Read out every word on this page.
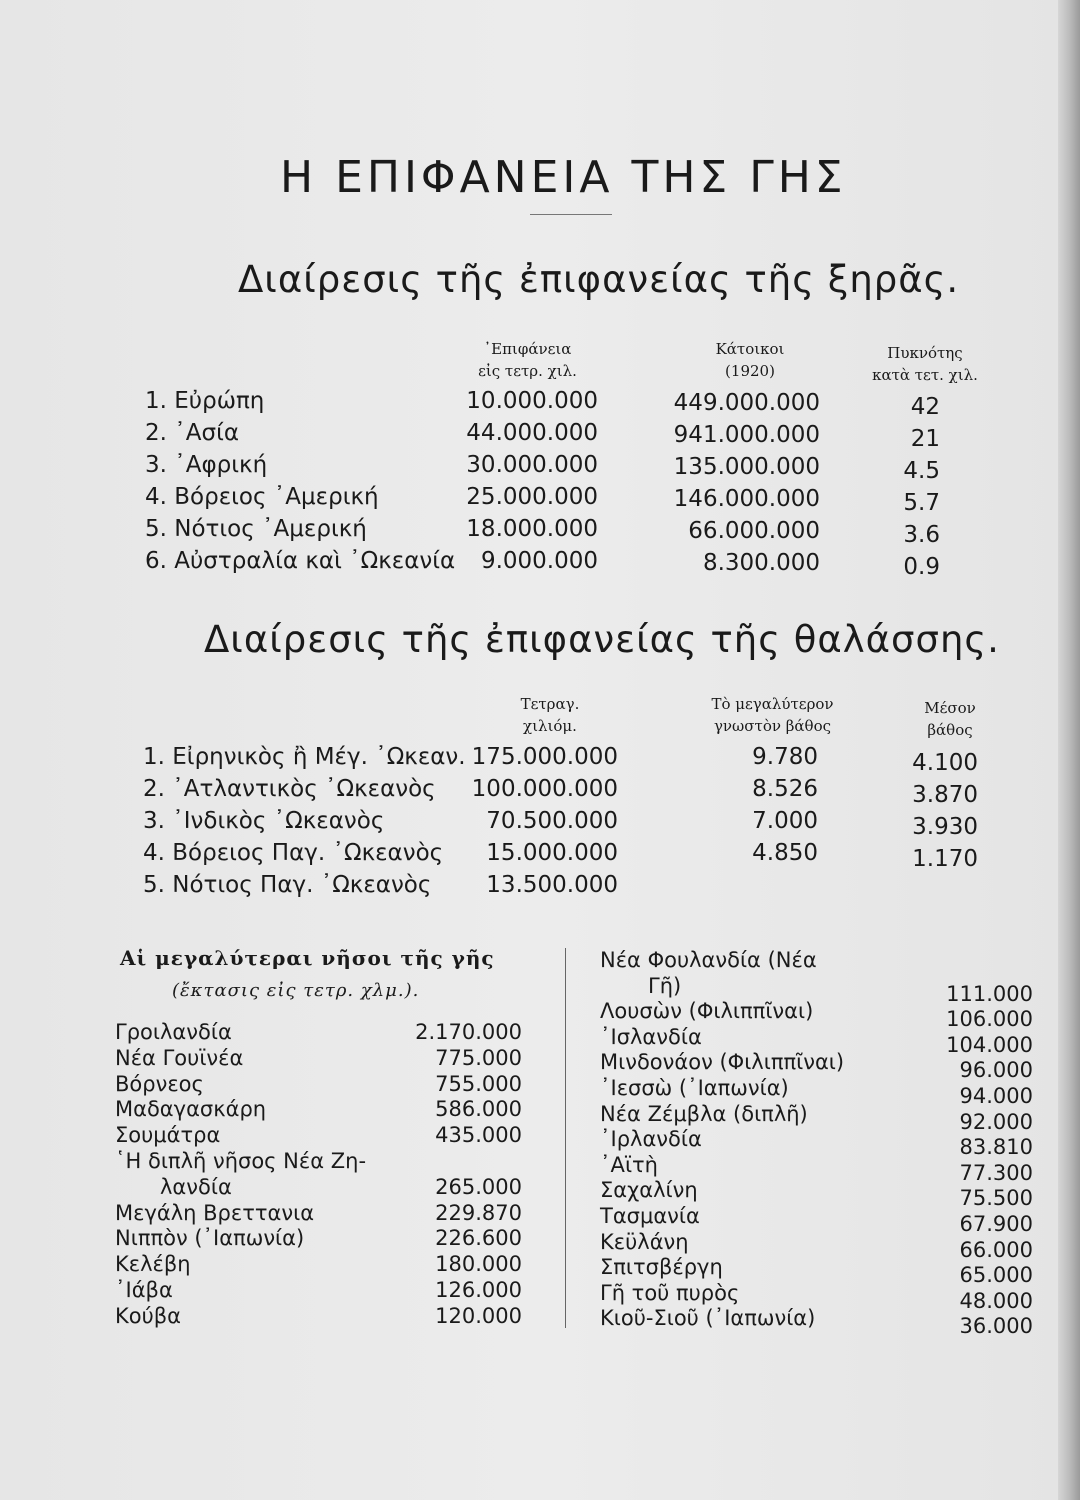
Η ΕΠΙΦΑΝΕΙΑ ΤΗΣ ΓΗΣ
Διαίρεσις τῆς ἐπιφανείας τῆς ξηρᾶς.
᾿Επιφάνεια
εἰς τετρ. χιλ.
Κάτοικοι
(1920)
Πυκνότης
κατὰ τετ. χιλ.
1. Εὐρώπη	10.000.000	449.000.000	42
2. ᾿Ασία	44.000.000	941.000.000	21
3. ᾿Αφρική	30.000.000	135.000.000	4.5
4. Βόρειος ᾿Αμερική	25.000.000	146.000.000	5.7
5. Νότιος ᾿Αμερική	18.000.000	66.000.000	3.6
6. Αὐστραλία καὶ ᾿Ωκεανία	9.000.000	8.300.000	0.9
Διαίρεσις τῆς ἐπιφανείας τῆς θαλάσσης.
Τετραγ.
χιλιόμ.
Τὸ μεγαλύτερον
γνωστὸν βάθος
Μέσον
βάθος
1. Εἰρηνικὸς ἢ Μέγ. ᾿Ωκεαν. 175.000.000	9.780	4.100
2. ᾿Ατλαντικὸς ᾿Ωκεανὸς	100.000.000	8.526	3.870
3. ᾿Ινδικὸς ᾿Ωκεανὸς	70.500.000	7.000	3.930
4. Βόρειος Παγ. ᾿Ωκεανὸς	15.000.000	4.850	1.170
5. Νότιος Παγ. ᾿Ωκεανὸς	13.500.000
Αἱ μεγαλύτεραι νῆσοι τῆς γῆς
(ἔκτασις εἰς τετρ. χλμ.).
Γροιλανδία	2.170.000
Νέα Γουϊνέα	775.000
Βόρνεος	755.000
Μαδαγασκάρη	586.000
Σουμάτρα	435.000
῾Η διπλῆ νῆσος Νέα Ζη-
λανδία	265.000
Μεγάλη Βρεττανια	229.870
Νιππὸν (᾿Ιαπωνία)	226.600
Κελέβη	180.000
᾿Ιάβα	126.000
Κούβα	120.000
Νέα Φουλανδία (Νέα
Γῆ)	111.000
Λουσὼν (Φιλιππῖναι)	106.000
᾿Ισλανδία	104.000
Μινδονάον (Φιλιππῖναι)	96.000
᾿Ιεσσὼ (᾿Ιαπωνία)	94.000
Νέα Ζέμβλα (διπλῆ)	92.000
᾿Ιρλανδία	83.810
᾿Αϊτὴ	77.300
Σαχαλίνη	75.500
Τασμανία	67.900
Κεϋλάνη	66.000
Σπιτσβέργη	65.000
Γῆ τοῦ πυρὸς	48.000
Κιοῦ-Σιοῦ (᾿Ιαπωνία)	36.000
